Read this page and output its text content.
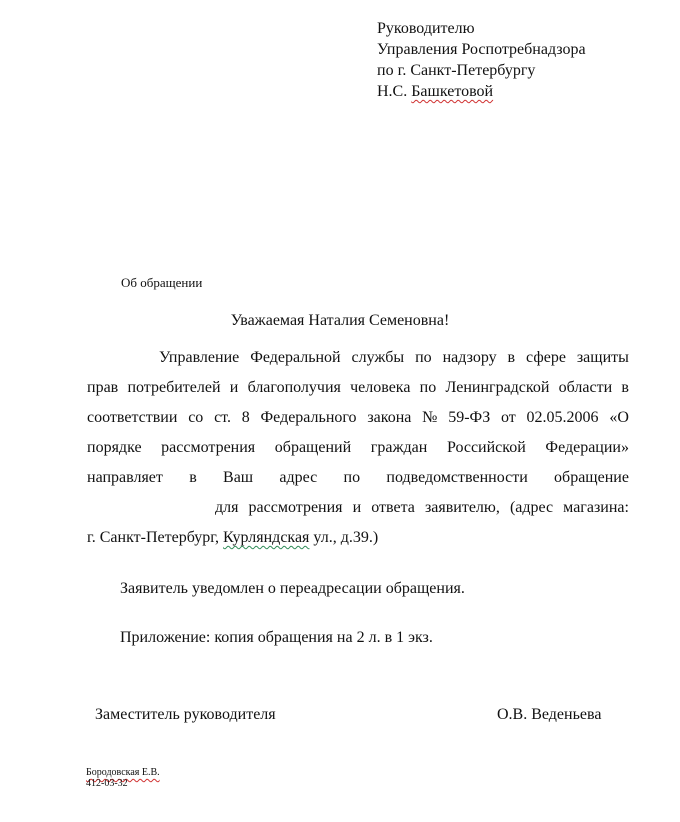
Руководителю
Управления Роспотребнадзора
по г. Санкт-Петербургу
Н.С. Башкетовой
Об обращении
Уважаемая Наталия Семеновна!
Управление Федеральной службы по надзору в сфере защиты
прав потребителей и благополучия человека по Ленинградской области в
соответствии со ст. 8 Федерального закона № 59-ФЗ от 02.05.2006 «О
порядке рассмотрения обращений граждан Российской Федерации»
направляет в Ваш адрес по подведомственности обращение
для рассмотрения и ответа заявителю, (адрес магазина:
г. Санкт-Петербург, Курляндская ул., д.39.)
Заявитель уведомлен о переадресации обращения.
Приложение: копия обращения на 2 л. в 1 экз.
Заместитель руководителя	О.В. Веденьева
Бородовская Е.В.
412-03-32
